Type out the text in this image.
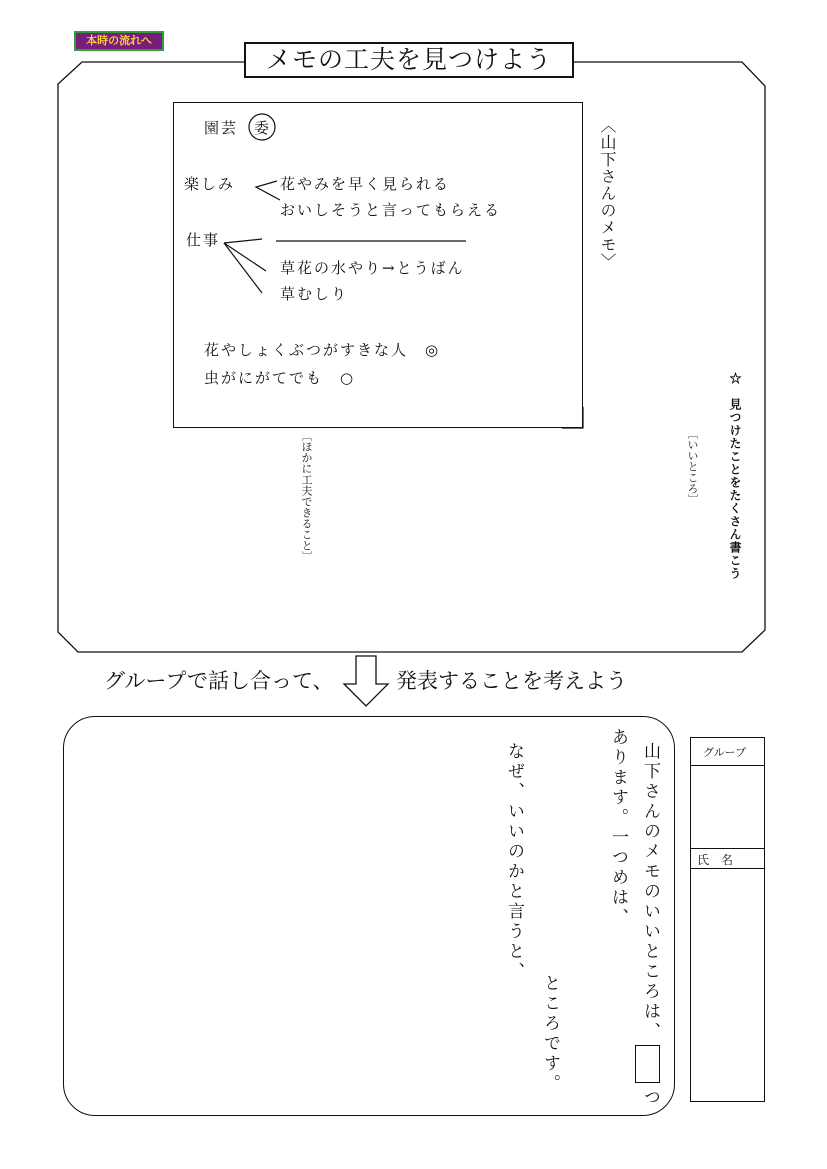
本時の流れへ
メモの工夫を見つけよう
園芸 委
楽しみ	花やみを早く見られる
おいしそうと言ってもらえる
仕事
草花の水やり→とうばん
草むしり
花やしょくぶつがすきな人　◎
虫がにがてでも　○
〈山下さんのメモ〉
〔ほかに工夫できること〕	☆　見つけたことをたくさん書こう
〔いいところ〕
グループで話し合って、	発表することを考えよう
山下さんのメモのいいところは、
つ
あります。一つめは、
ところです。
なぜ、いいのかと言うと、	グループ
氏　名
